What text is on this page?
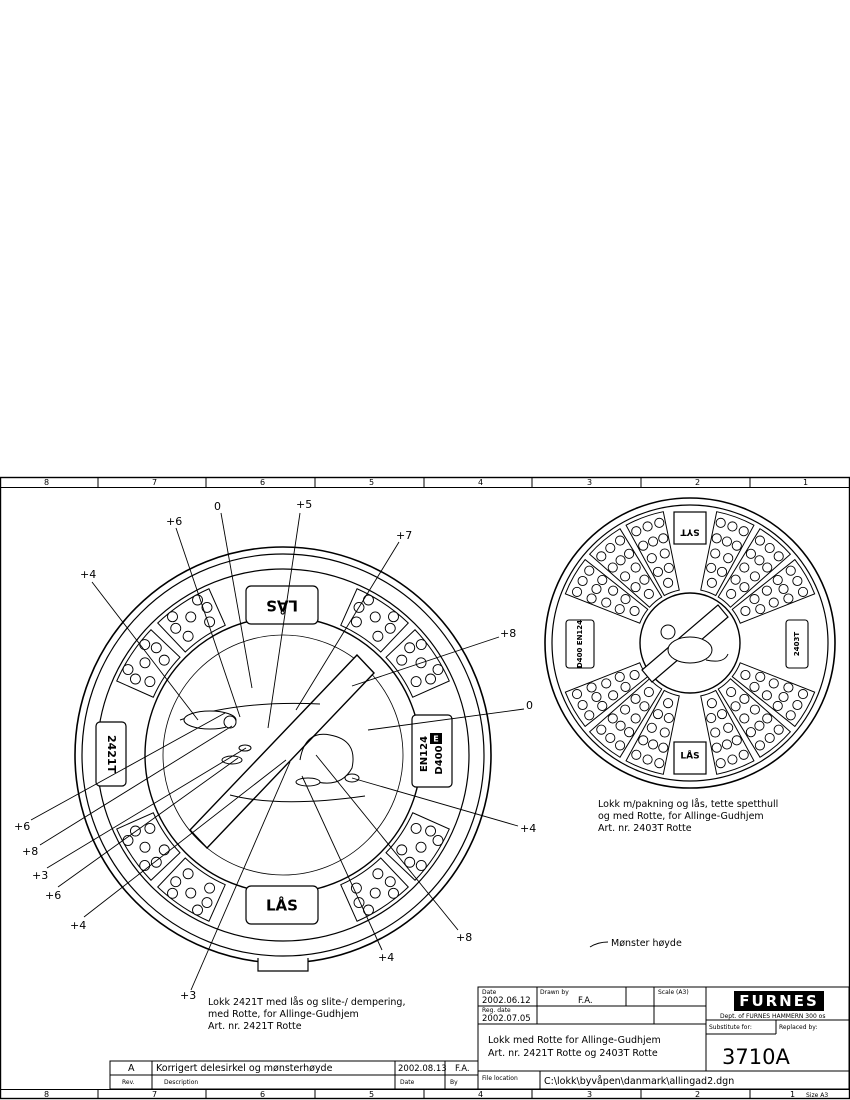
8	7	6	5	4	3	2	1
8	7	6	5	4	3	2	1
LÅS
LÅS
2421T	EN124 D400
E
+6
0	+5
+7
+4
+8
0
+6
+8
+3
+6
+4
+4
+8
+3
+4
Lokk 2421T med lås og slite-/ dempering,
med Rotte, for Allinge-Gudhjem
Art. nr. 2421T Rotte
SYT
LÅS
D400 EN124	2403T
Lokk m/pakning og lås, tette spetthull
og med Rotte, for Allinge-Gudhjem
Art. nr. 2403T Rotte
Mønster høyde
A Korrigert delesirkel og mønsterhøyde	2002.08.13 F.A.
Rev.	Description	Date	By
Date
2002.06.12
Drawn by
F.A.
Scale (A3)
Reg. date
2002.07.05
Lokk med Rotte for Allinge-Gudhjem
Art. nr. 2421T Rotte og 2403T Rotte
File location	C:\lokk\byvåpen\danmark\allingad2.dgn
Substitute for:	Replaced by:
3710A
FURNES
Dept. of FURNES HAMMERN 300 os
Size A3
